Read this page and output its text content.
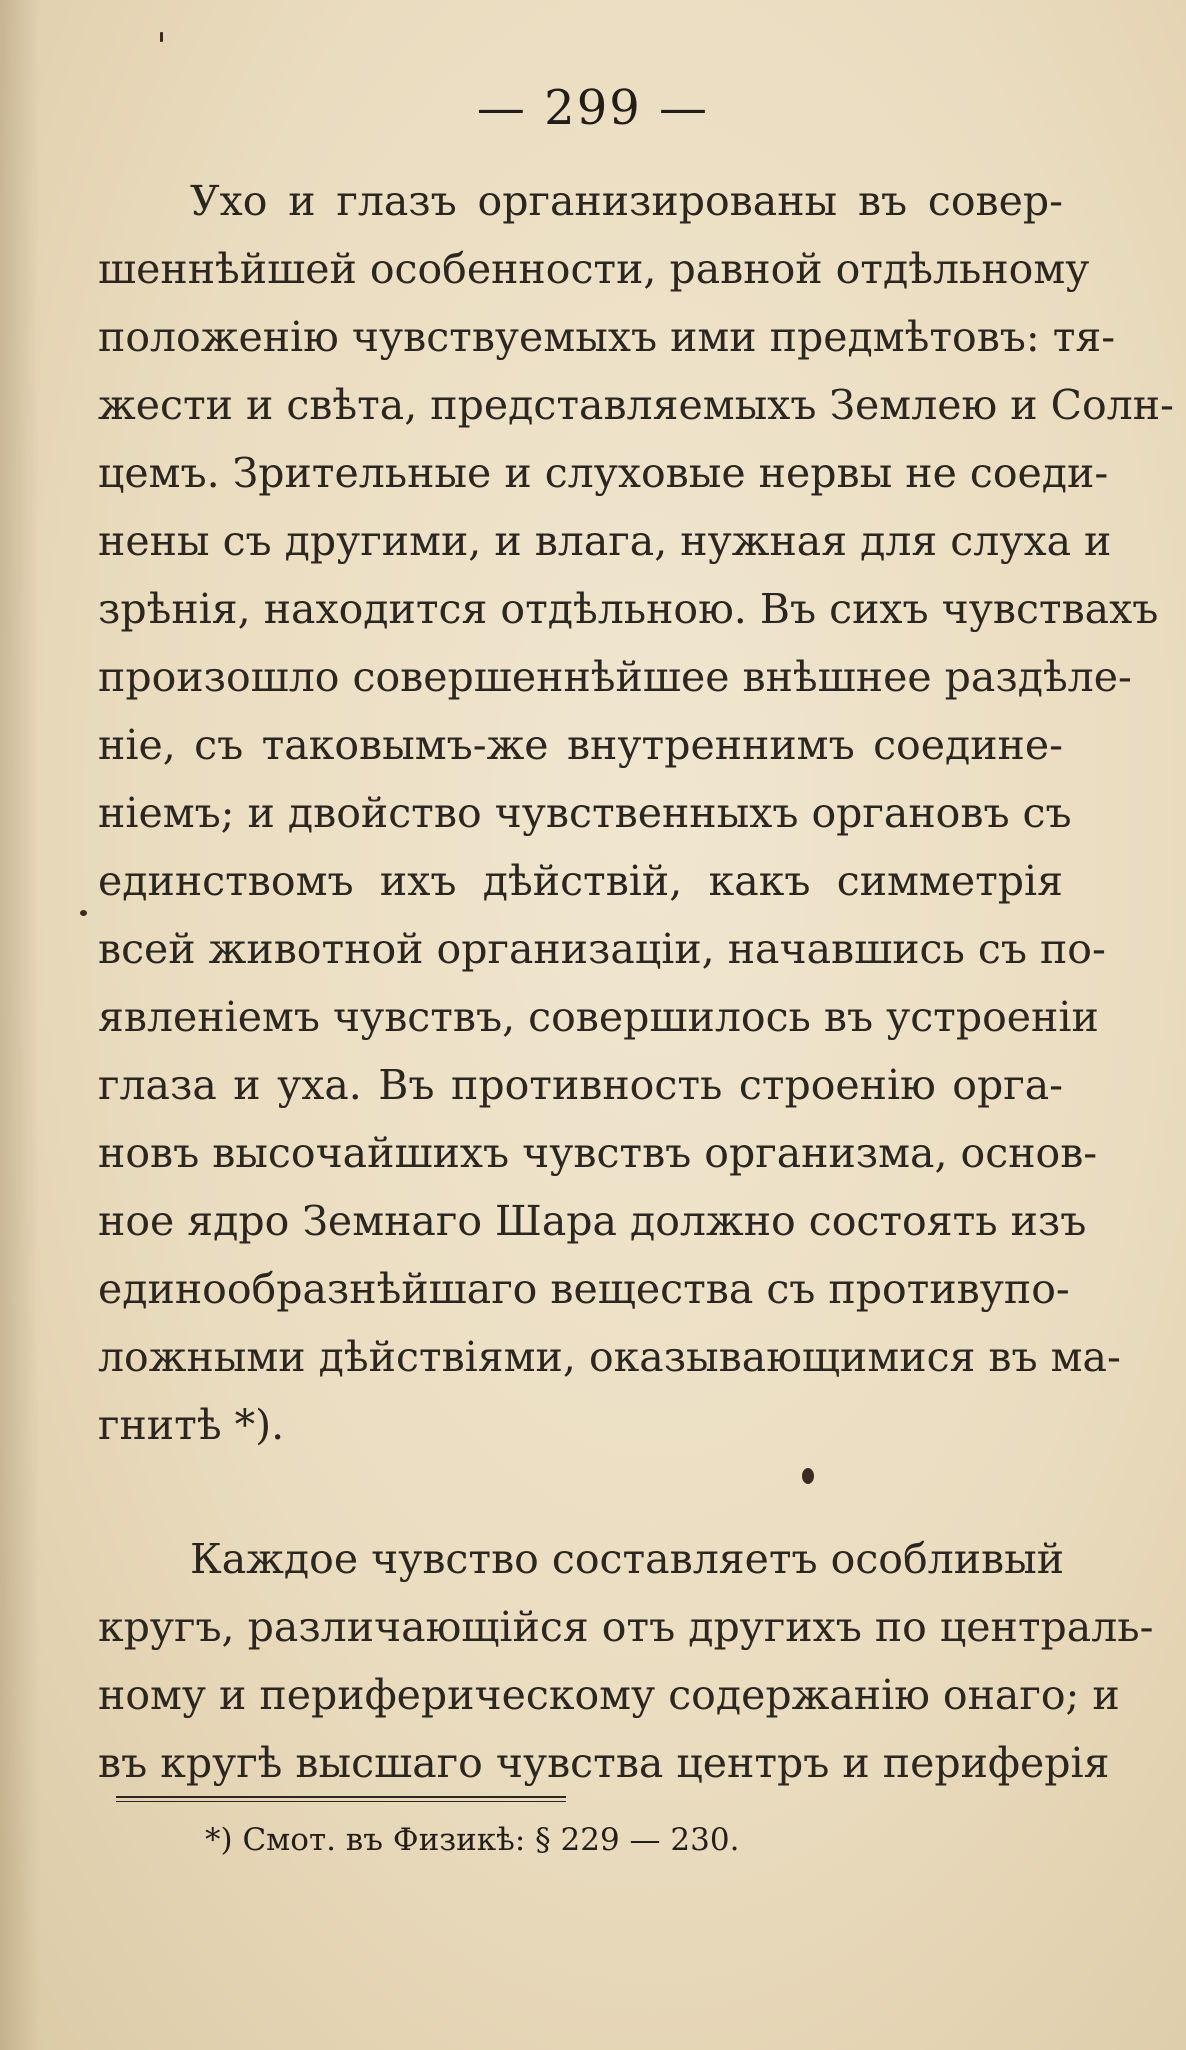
— 299 —
Ухо и глазъ организированы въ совер-
шеннѣйшей особенности, равной отдѣльному
положенію чувствуемыхъ ими предмѣтовъ: тя-
жести и свѣта, представляемыхъ Землею и Солн-
цемъ. Зрительные и слуховые нервы не соеди-
нены съ другими, и влага, нужная для слуха и
зрѣнія, находится отдѣльною. Въ сихъ чувствахъ
произошло совершеннѣйшее внѣшнее раздѣле-
ніе, съ таковымъ-же внутреннимъ соедине-
ніемъ; и двойство чувственныхъ органовъ съ
единствомъ ихъ дѣйствій, какъ симметрія
всей животной организаціи, начавшись съ по-
явленіемъ чувствъ, совершилось въ устроеніи
глаза и уха. Въ противность строенію орга-
новъ высочайшихъ чувствъ организма, основ-
ное ядро Земнаго Шара должно состоять изъ
единообразнѣйшаго вещества съ противупо-
ложными дѣйствіями, оказывающимися въ ма-
гнитѣ *).
Каждое чувство составляетъ особливый
кругъ, различающійся отъ другихъ по централь-
ному и периферическому содержанію онаго; и
въ кругѣ высшаго чувства центръ и периферія
*) Смот. въ Физикѣ: § 229 — 230.
